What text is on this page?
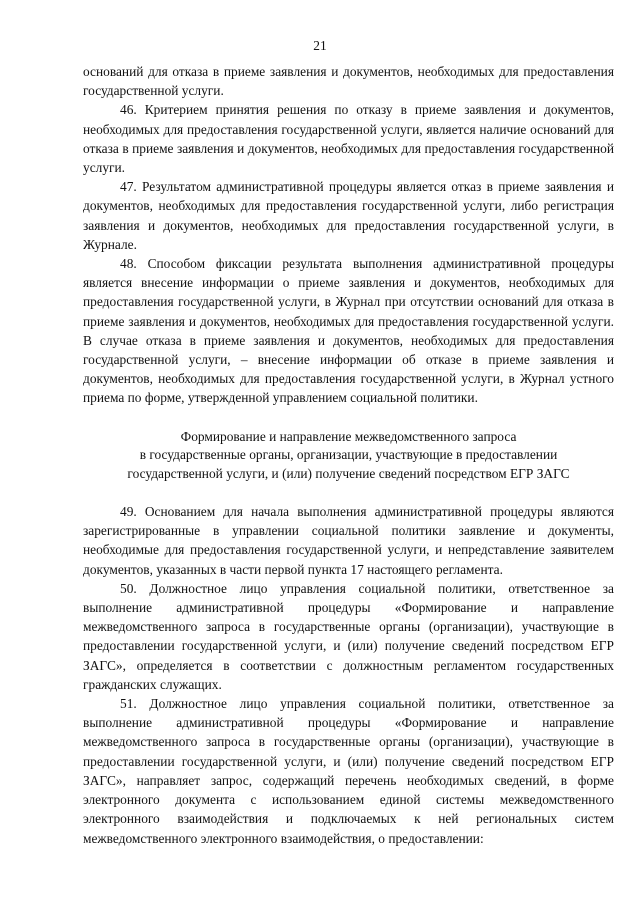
21

оснований для отказа в приеме заявления и документов, необходимых для предоставления государственной услуги.

46. Критерием принятия решения по отказу в приеме заявления и документов, необходимых для предоставления государственной услуги, является наличие оснований для отказа в приеме заявления и документов, необходимых для предоставления государственной услуги.

47. Результатом административной процедуры является отказ в приеме заявления и документов, необходимых для предоставления государственной услуги, либо регистрация заявления и документов, необходимых для предоставления государственной услуги, в Журнале.

48. Способом фиксации результата выполнения административной процедуры является внесение информации о приеме заявления и документов, необходимых для предоставления государственной услуги, в Журнал при отсутствии оснований для отказа в приеме заявления и документов, необходимых для предоставления государственной услуги. В случае отказа в приеме заявления и документов, необходимых для предоставления государственной услуги, – внесение информации об отказе в приеме заявления и документов, необходимых для предоставления государственной услуги, в Журнал устного приема по форме, утвержденной управлением социальной политики.

Формирование и направление межведомственного запроса
в государственные органы, организации, участвующие в предоставлении
государственной услуги, и (или) получение сведений посредством ЕГР ЗАГС

49. Основанием для начала выполнения административной процедуры являются зарегистрированные в управлении социальной политики заявление и документы, необходимые для предоставления государственной услуги, и непредставление заявителем документов, указанных в части первой пункта 17 настоящего регламента.

50. Должностное лицо управления социальной политики, ответственное за выполнение административной процедуры «Формирование и направление межведомственного запроса в государственные органы (организации), участвующие в предоставлении государственной услуги, и (или) получение сведений посредством ЕГР ЗАГС», определяется в соответствии с должностным регламентом государственных гражданских служащих.

51. Должностное лицо управления социальной политики, ответственное за выполнение административной процедуры «Формирование и направление межведомственного запроса в государственные органы (организации), участвующие в предоставлении государственной услуги, и (или) получение сведений посредством ЕГР ЗАГС», направляет запрос, содержащий перечень необходимых сведений, в форме электронного документа с использованием единой системы межведомственного электронного взаимодействия и подключаемых к ней региональных систем межведомственного электронного взаимодействия, о предоставлении:
